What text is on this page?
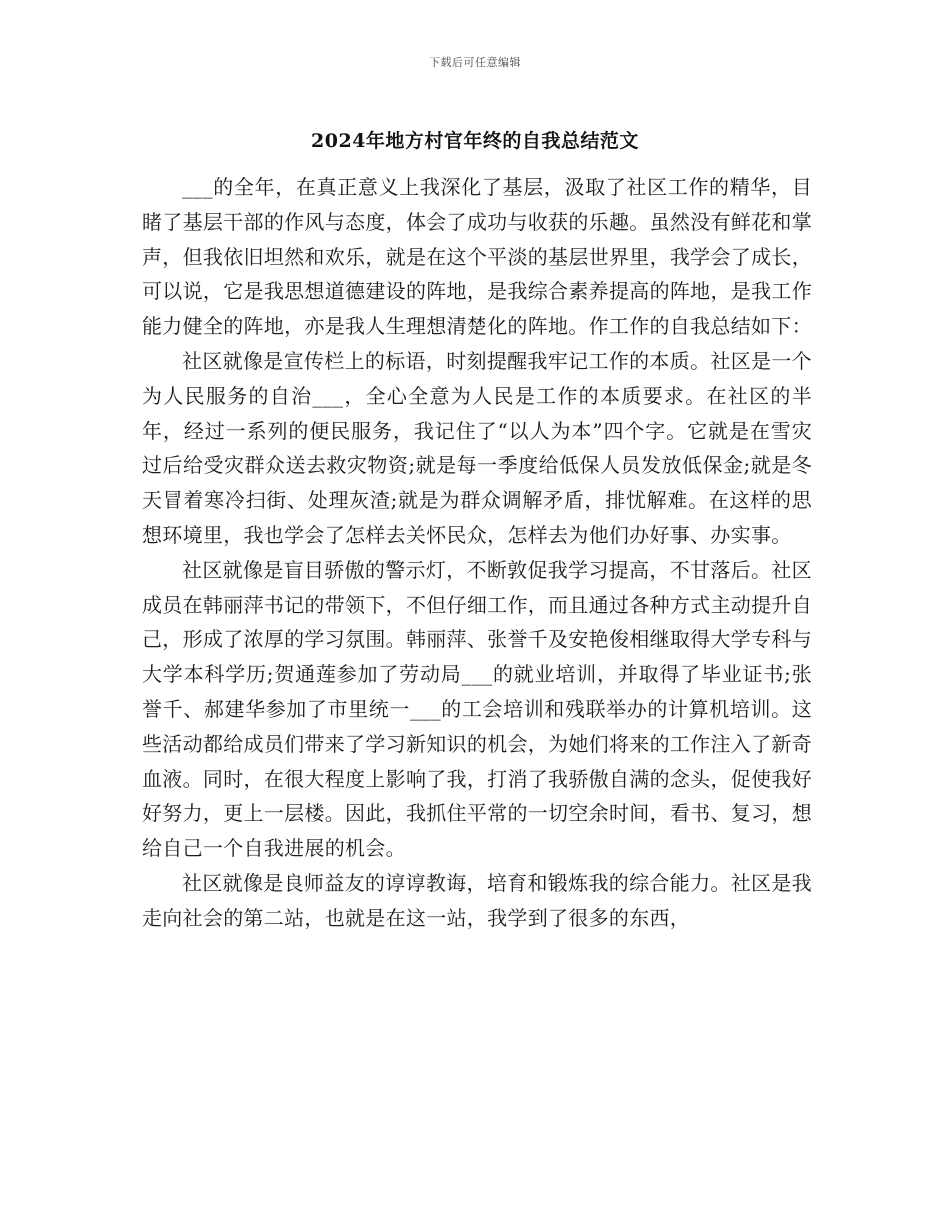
下载后可任意编辑
2024年地方村官年终的自我总结范文

___的全年，在真正意义上我深化了基层，汲取了社区工作的精华，目睹了基层干部的作风与态度，体会了成功与收获的乐趣。虽然没有鲜花和掌声，但我依旧坦然和欢乐，就是在这个平淡的基层世界里，我学会了成长，可以说，它是我思想道德建设的阵地，是我综合素养提高的阵地，是我工作能力健全的阵地，亦是我人生理想清楚化的阵地。作工作的自我总结如下：

社区就像是宣传栏上的标语，时刻提醒我牢记工作的本质。社区是一个为人民服务的自治___，全心全意为人民是工作的本质要求。在社区的半年，经过一系列的便民服务，我记住了“以人为本”四个字。它就是在雪灾过后给受灾群众送去救灾物资;就是每一季度给低保人员发放低保金;就是冬天冒着寒冷扫街、处理灰渣;就是为群众调解矛盾，排忧解难。在这样的思想环境里，我也学会了怎样去关怀民众，怎样去为他们办好事、办实事。

社区就像是盲目骄傲的警示灯，不断敦促我学习提高，不甘落后。社区成员在韩丽萍书记的带领下，不但仔细工作，而且通过各种方式主动提升自己，形成了浓厚的学习氛围。韩丽萍、张誉千及安艳俊相继取得大学专科与大学本科学历;贺通莲参加了劳动局___的就业培训，并取得了毕业证书;张誉千、郝建华参加了市里统一___的工会培训和残联举办的计算机培训。这些活动都给成员们带来了学习新知识的机会，为她们将来的工作注入了新奇血液。同时，在很大程度上影响了我，打消了我骄傲自满的念头，促使我好好努力，更上一层楼。因此，我抓住平常的一切空余时间，看书、复习，想给自己一个自我进展的机会。

社区就像是良师益友的谆谆教诲，培育和锻炼我的综合能力。社区是我走向社会的第二站，也就是在这一站，我学到了很多的东西，
